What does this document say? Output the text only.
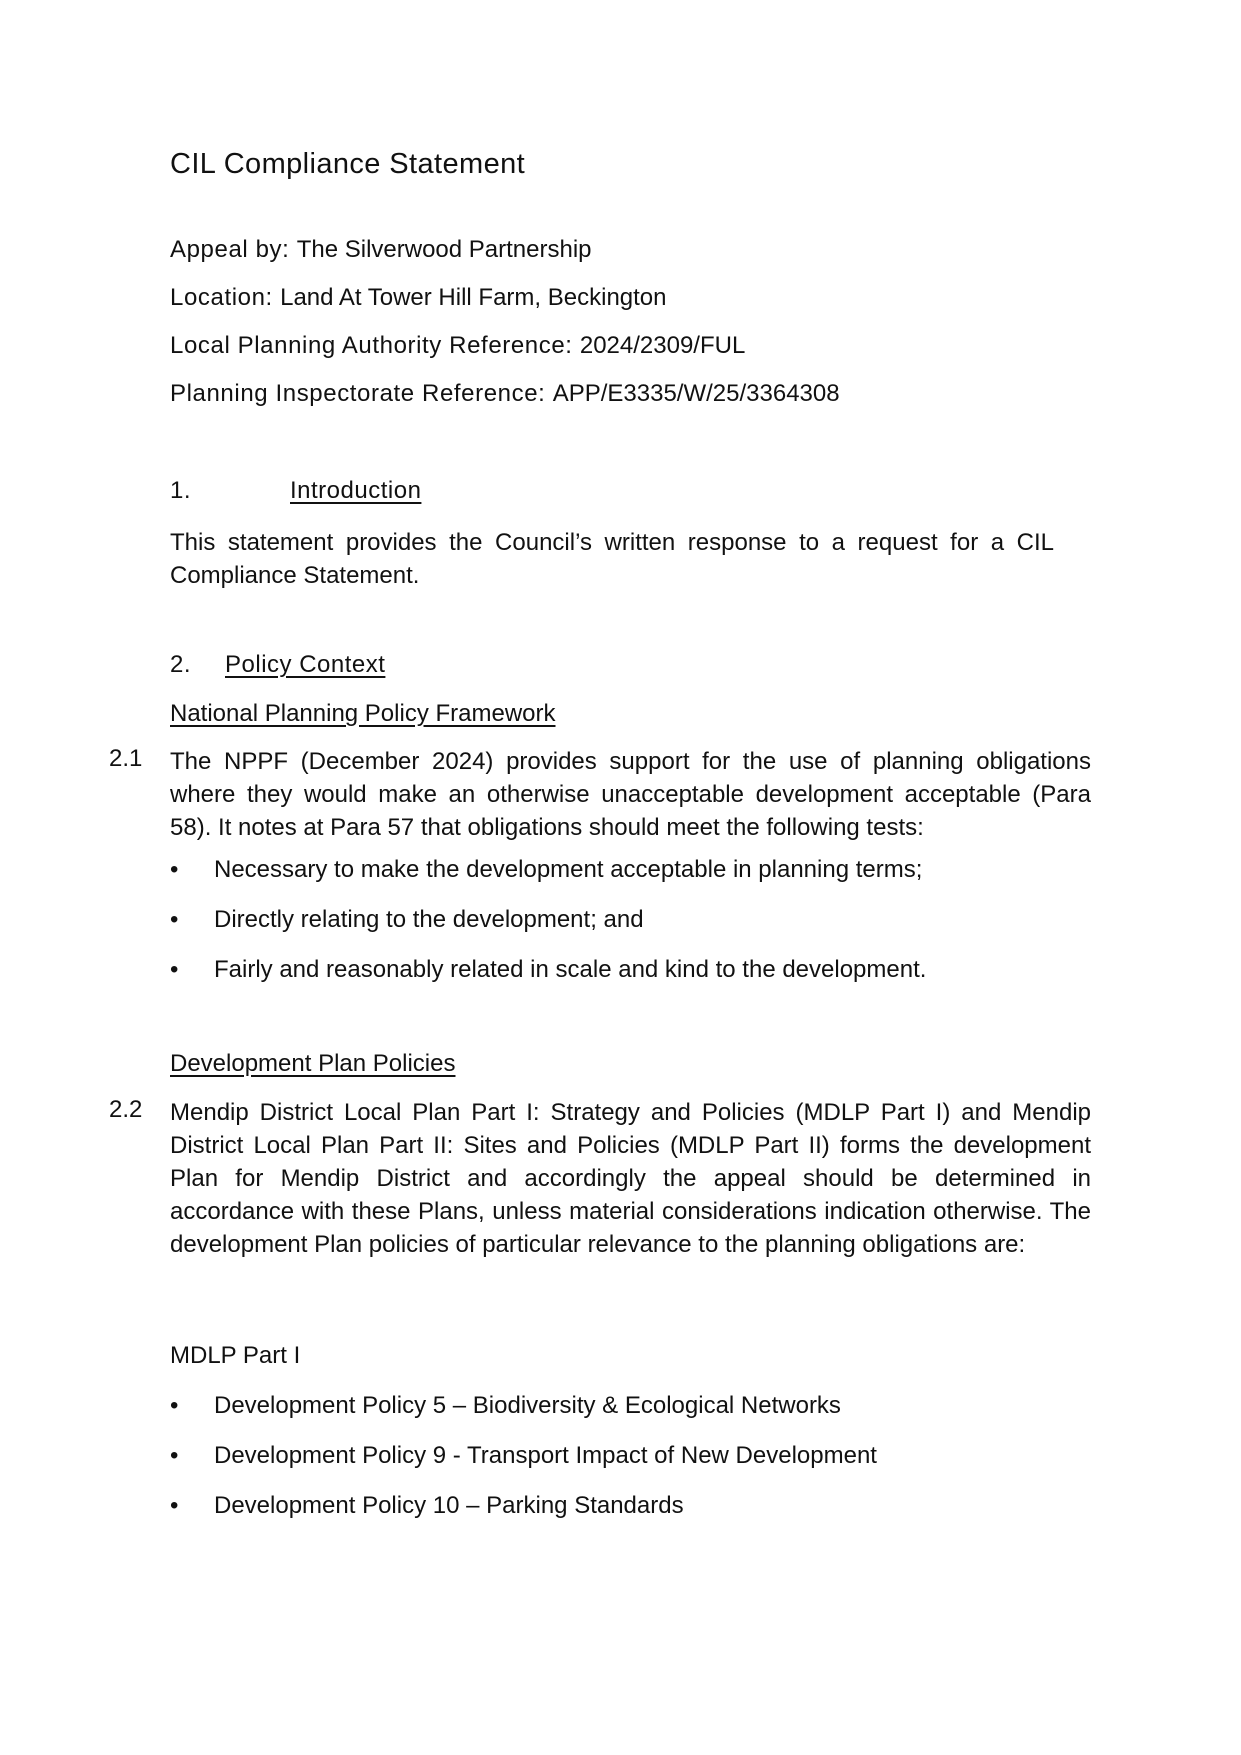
CIL Compliance Statement
Appeal by: The Silverwood Partnership
Location: Land At Tower Hill Farm, Beckington
Local Planning Authority Reference: 2024/2309/FUL
Planning Inspectorate Reference: APP/E3335/W/25/3364308
1.	Introduction
This statement provides the Council’s written response to a request for a CIL Compliance Statement.
2. Policy Context
National Planning Policy Framework
2.1 The NPPF (December 2024) provides support for the use of planning obligations where they would make an otherwise unacceptable development acceptable (Para 58). It notes at Para 57 that obligations should meet the following tests:
•	Necessary to make the development acceptable in planning terms;
•	Directly relating to the development; and
•	Fairly and reasonably related in scale and kind to the development.
Development Plan Policies
2.2 Mendip District Local Plan Part I: Strategy and Policies (MDLP Part I) and Mendip District Local Plan Part II: Sites and Policies (MDLP Part II) forms the development Plan for Mendip District and accordingly the appeal should be determined in accordance with these Plans, unless material considerations indication otherwise. The development Plan policies of particular relevance to the planning obligations are:
MDLP Part I
•	Development Policy 5 – Biodiversity & Ecological Networks
•	Development Policy 9 - Transport Impact of New Development
•	Development Policy 10 – Parking Standards
